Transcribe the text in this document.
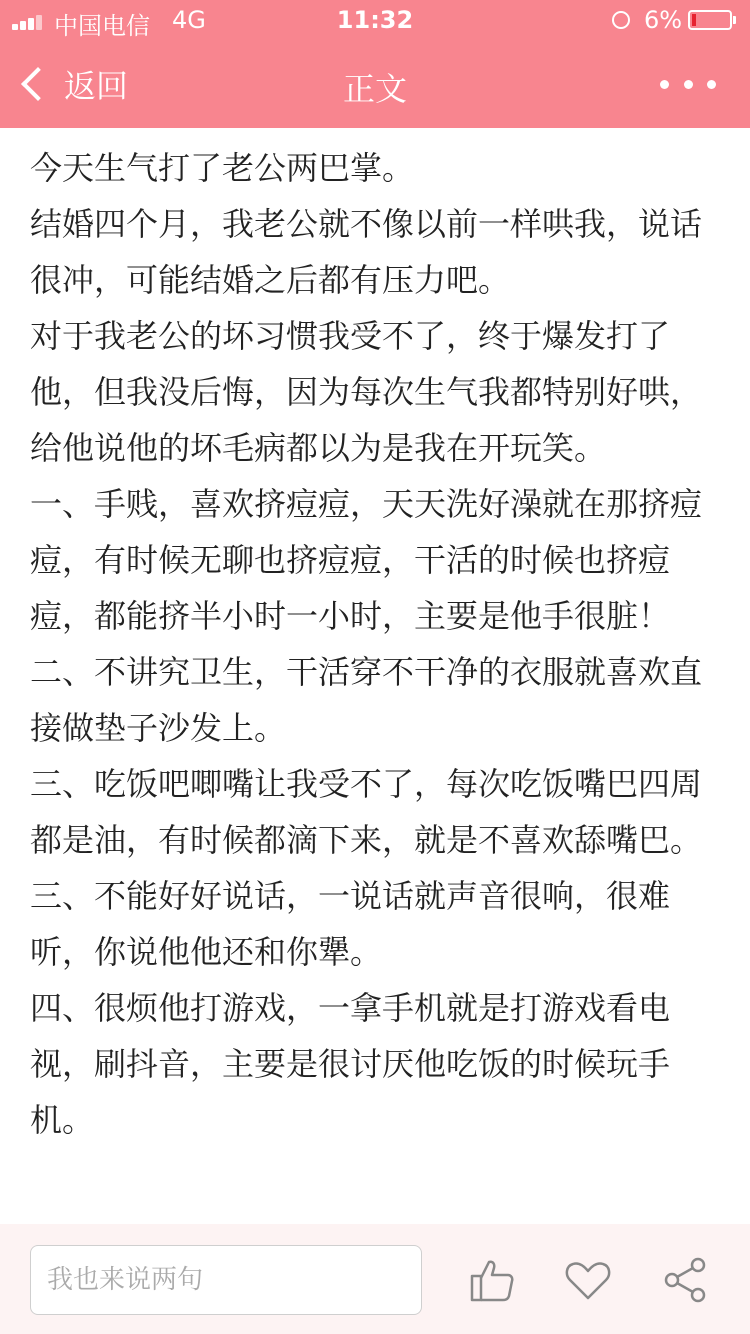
中国电信 4G	11:32	6%
返回	正文

今天生气打了老公两巴掌。

结婚四个月，我老公就不像以前一样哄我，说话很冲，可能结婚之后都有压力吧。

对于我老公的坏习惯我受不了，终于爆发打了他，但我没后悔，因为每次生气我都特别好哄，给他说他的坏毛病都以为是我在开玩笑。

一、手贱，喜欢挤痘痘，天天洗好澡就在那挤痘痘，有时候无聊也挤痘痘，干活的时候也挤痘痘，都能挤半小时一小时，主要是他手很脏！

二、不讲究卫生，干活穿不干净的衣服就喜欢直接做垫子沙发上。

三、吃饭吧唧嘴让我受不了，每次吃饭嘴巴四周都是油，有时候都滴下来，就是不喜欢舔嘴巴。

三、不能好好说话，一说话就声音很响，很难听，你说他他还和你犟。

四、很烦他打游戏，一拿手机就是打游戏看电视，刷抖音，主要是很讨厌他吃饭的时候玩手机。

我也来说两句
